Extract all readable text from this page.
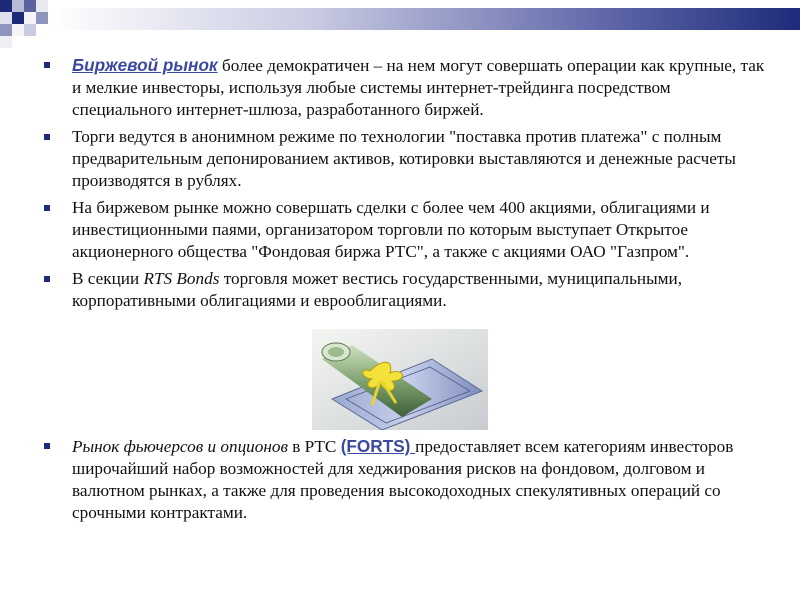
Биржевой рынок более демократичен – на нем могут совершать операции как крупные, так и мелкие инвесторы, используя любые системы интернет-трейдинга посредством специального интернет-шлюза, разработанного биржей.
Торги ведутся в анонимном режиме по технологии "поставка против платежа" с полным предварительным депонированием активов, котировки выставляются и денежные расчеты производятся в рублях.
На биржевом рынке можно совершать сделки с более чем 400 акциями, облигациями и инвестиционными паями, организатором торговли по которым выступает Открытое акционерного общества "Фондовая биржа РТС", а также с акциями ОАО "Газпром".
В секции RTS Bonds торговля может вестись государственными, муниципальными, корпоративными облигациями и еврооблигациями.
Рынок фьючерсов и опционов в РТС (FORTS) предоставляет всем категориям инвесторов широчайший набор возможностей для хеджирования рисков на фондовом, долговом и валютном рынках, а также для проведения высокодоходных спекулятивных операций со срочными контрактами.
